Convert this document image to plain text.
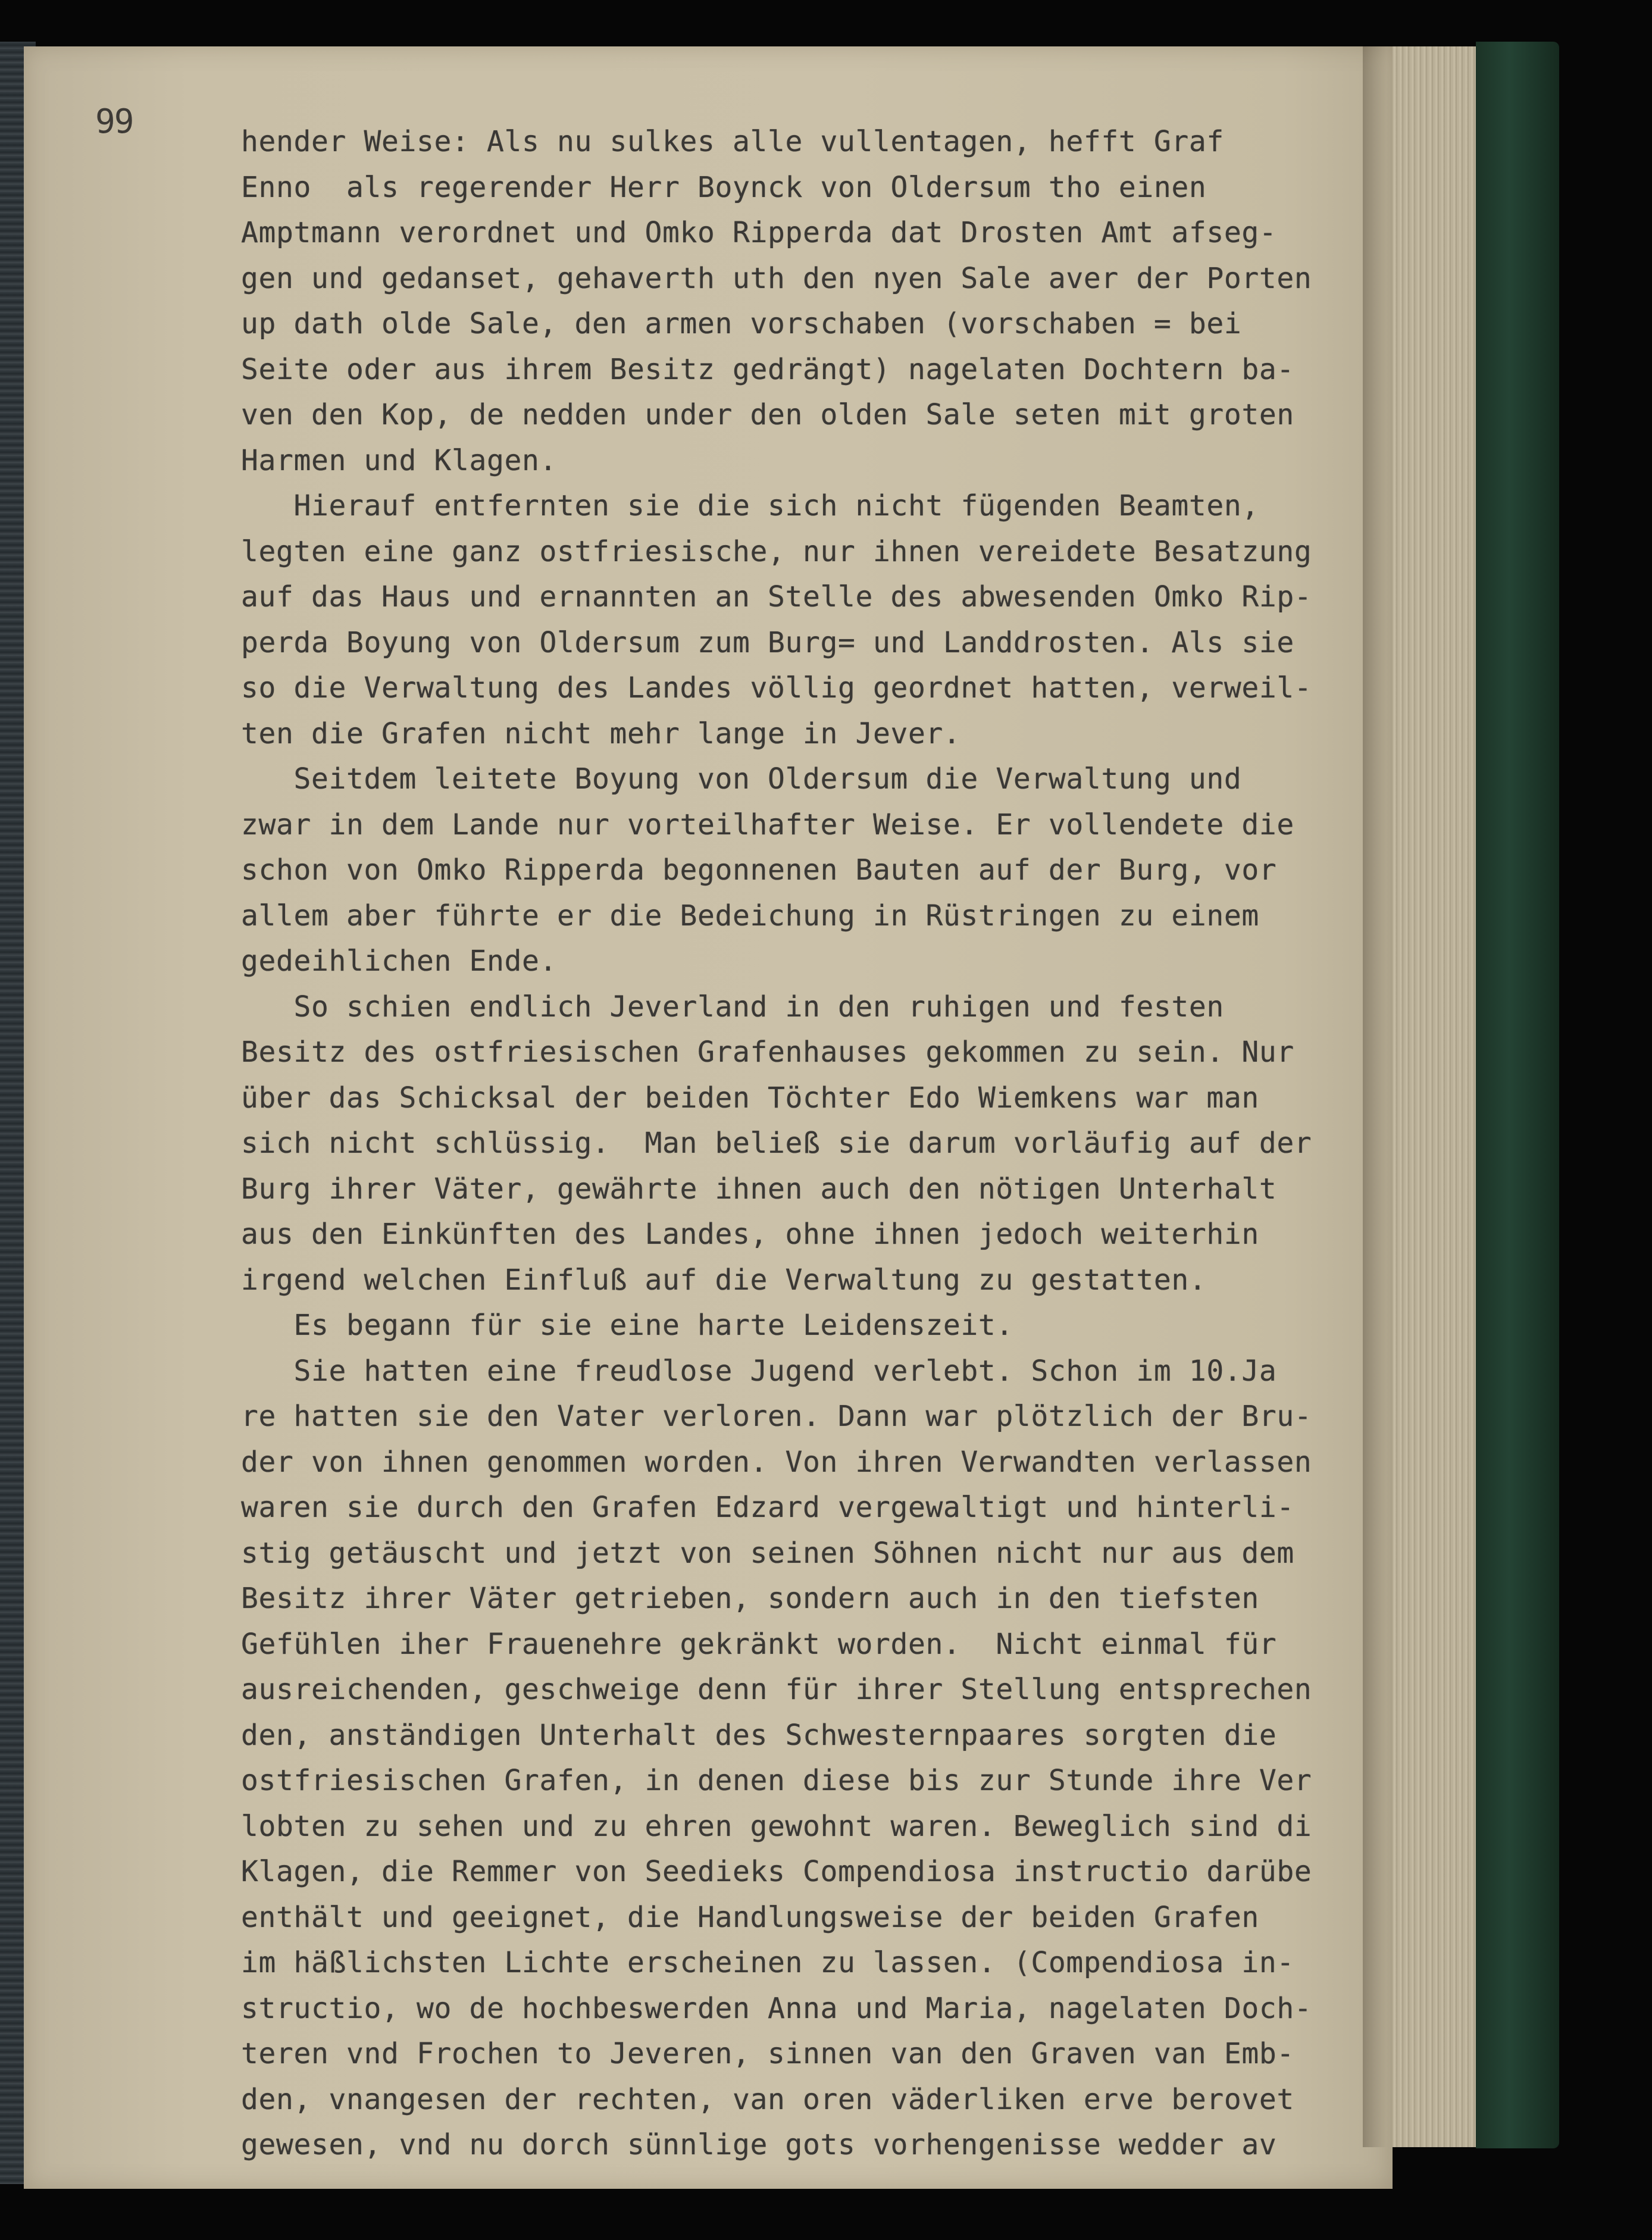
99
hender Weise: Als nu sulkes alle vullentagen, hefft Graf
Enno  als regerender Herr Boynck von Oldersum tho einen
Amptmann verordnet und Omko Ripperda dat Drosten Amt afseg-
gen und gedanset, gehaverth uth den nyen Sale aver der Porten
up dath olde Sale, den armen vorschaben (vorschaben = bei
Seite oder aus ihrem Besitz gedrängt) nagelaten Dochtern ba-
ven den Kop, de nedden under den olden Sale seten mit groten
Harmen und Klagen.
Hierauf entfernten sie die sich nicht fügenden Beamten,
legten eine ganz ostfriesische, nur ihnen vereidete Besatzung
auf das Haus und ernannten an Stelle des abwesenden Omko Rip-
perda Boyung von Oldersum zum Burg= und Landdrosten. Als sie
so die Verwaltung des Landes völlig geordnet hatten, verweil-
ten die Grafen nicht mehr lange in Jever.
Seitdem leitete Boyung von Oldersum die Verwaltung und
zwar in dem Lande nur vorteilhafter Weise. Er vollendete die
schon von Omko Ripperda begonnenen Bauten auf der Burg, vor
allem aber führte er die Bedeichung in Rüstringen zu einem
gedeihlichen Ende.
So schien endlich Jeverland in den ruhigen und festen
Besitz des ostfriesischen Grafenhauses gekommen zu sein. Nur
über das Schicksal der beiden Töchter Edo Wiemkens war man
sich nicht schlüssig.  Man beließ sie darum vorläufig auf der
Burg ihrer Väter, gewährte ihnen auch den nötigen Unterhalt
aus den Einkünften des Landes, ohne ihnen jedoch weiterhin
irgend welchen Einfluß auf die Verwaltung zu gestatten.
Es begann für sie eine harte Leidenszeit.
Sie hatten eine freudlose Jugend verlebt. Schon im 10.Ja
re hatten sie den Vater verloren. Dann war plötzlich der Bru-
der von ihnen genommen worden. Von ihren Verwandten verlassen
waren sie durch den Grafen Edzard vergewaltigt und hinterli-
stig getäuscht und jetzt von seinen Söhnen nicht nur aus dem
Besitz ihrer Väter getrieben, sondern auch in den tiefsten
Gefühlen iher Frauenehre gekränkt worden.  Nicht einmal für
ausreichenden, geschweige denn für ihrer Stellung entsprechen
den, anständigen Unterhalt des Schwesternpaares sorgten die
ostfriesischen Grafen, in denen diese bis zur Stunde ihre Ver
lobten zu sehen und zu ehren gewohnt waren. Beweglich sind di
Klagen, die Remmer von Seedieks Compendiosa instructio darübe
enthält und geeignet, die Handlungsweise der beiden Grafen
im häßlichsten Lichte erscheinen zu lassen. (Compendiosa in-
structio, wo de hochbeswerden Anna und Maria, nagelaten Doch-
teren vnd Frochen to Jeveren, sinnen van den Graven van Emb-
den, vnangesen der rechten, van oren väderliken erve berovet
gewesen, vnd nu dorch sünnlige gots vorhengenisse wedder av
